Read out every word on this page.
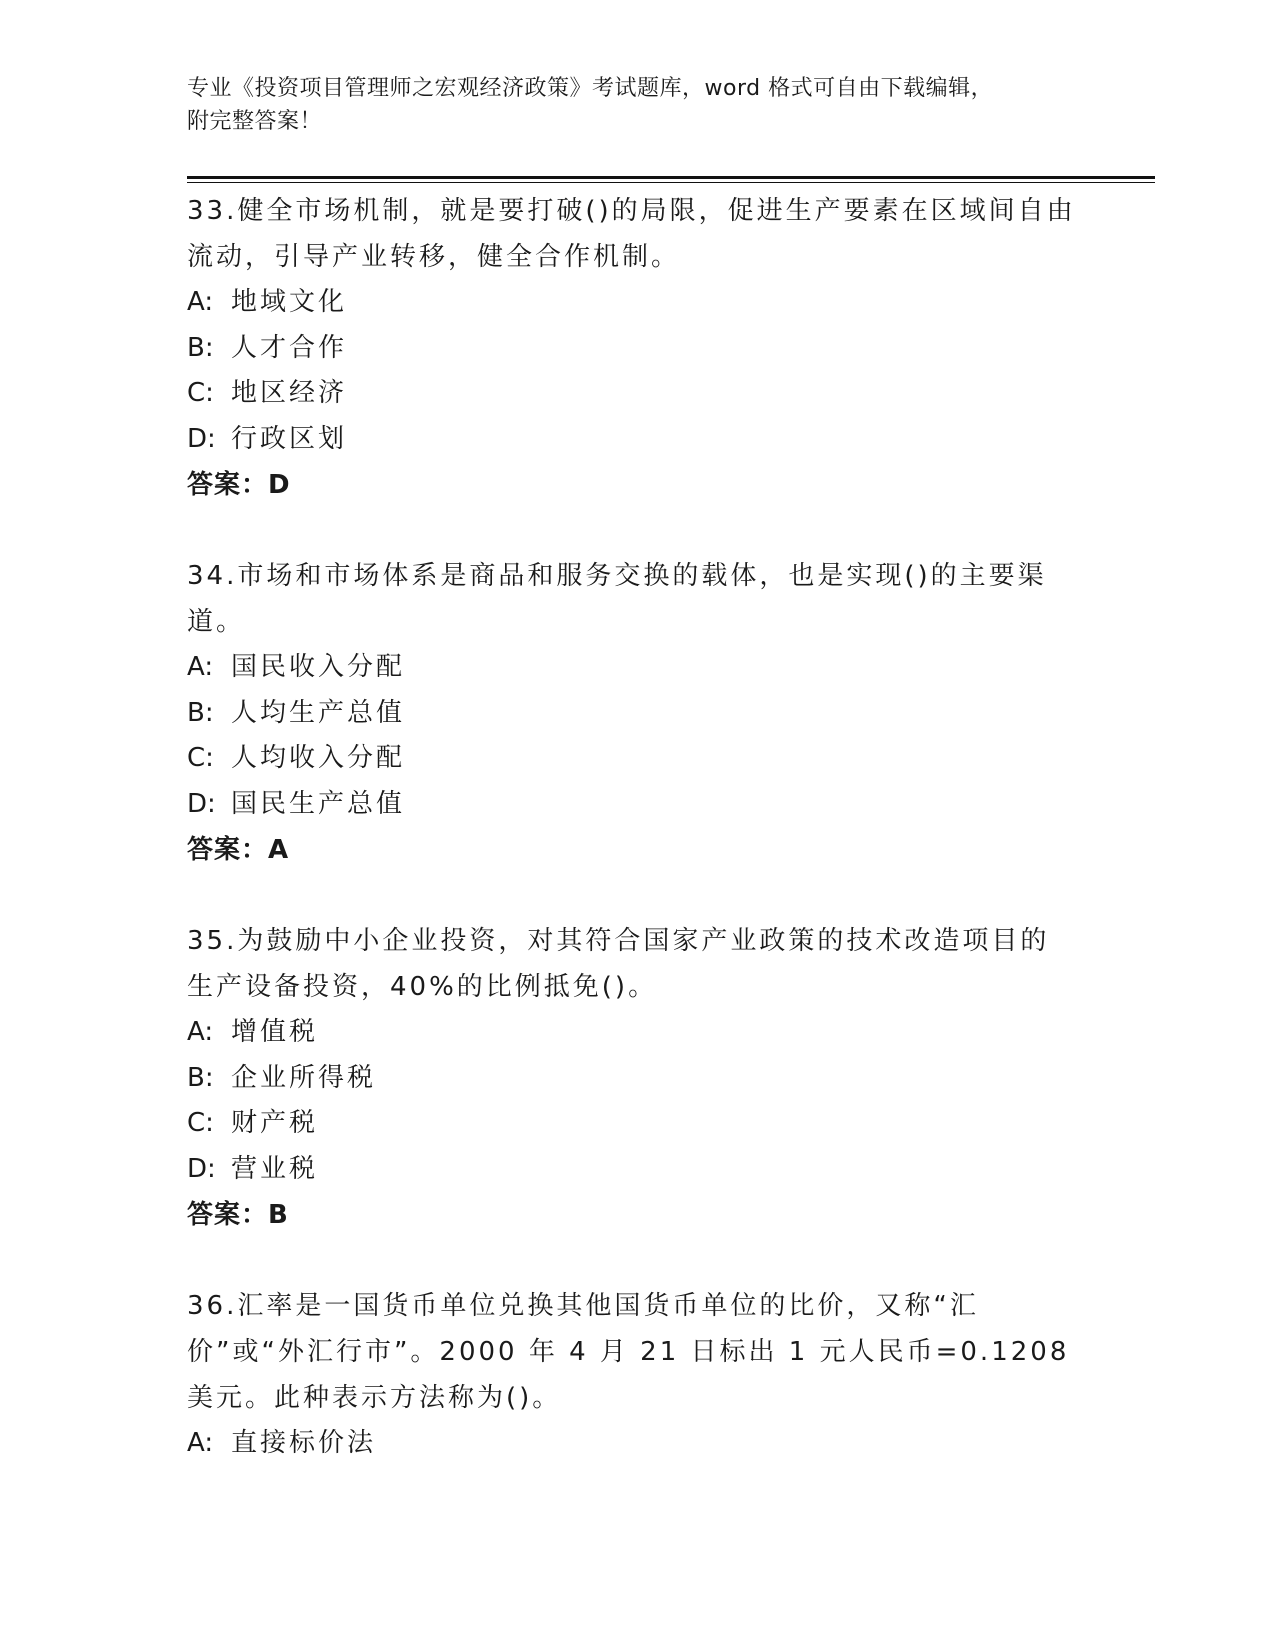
专业《投资项目管理师之宏观经济政策》考试题库，word 格式可自由下载编辑，
附完整答案！
33.健全市场机制，就是要打破()的局限，促进生产要素在区域间自由流动，引导产业转移，健全合作机制。
A: 地域文化
B: 人才合作
C: 地区经济
D: 行政区划
答案：D
34.市场和市场体系是商品和服务交换的载体，也是实现()的主要渠道。
A: 国民收入分配
B: 人均生产总值
C: 人均收入分配
D: 国民生产总值
答案：A
35.为鼓励中小企业投资，对其符合国家产业政策的技术改造项目的生产设备投资，40%的比例抵免()。
A: 增值税
B: 企业所得税
C: 财产税
D: 营业税
答案：B
36.汇率是一国货币单位兑换其他国货币单位的比价，又称“汇价”或“外汇行市”。2000 年 4 月 21 日标出 1 元人民币=0.1208 美元。此种表示方法称为()。
A: 直接标价法
